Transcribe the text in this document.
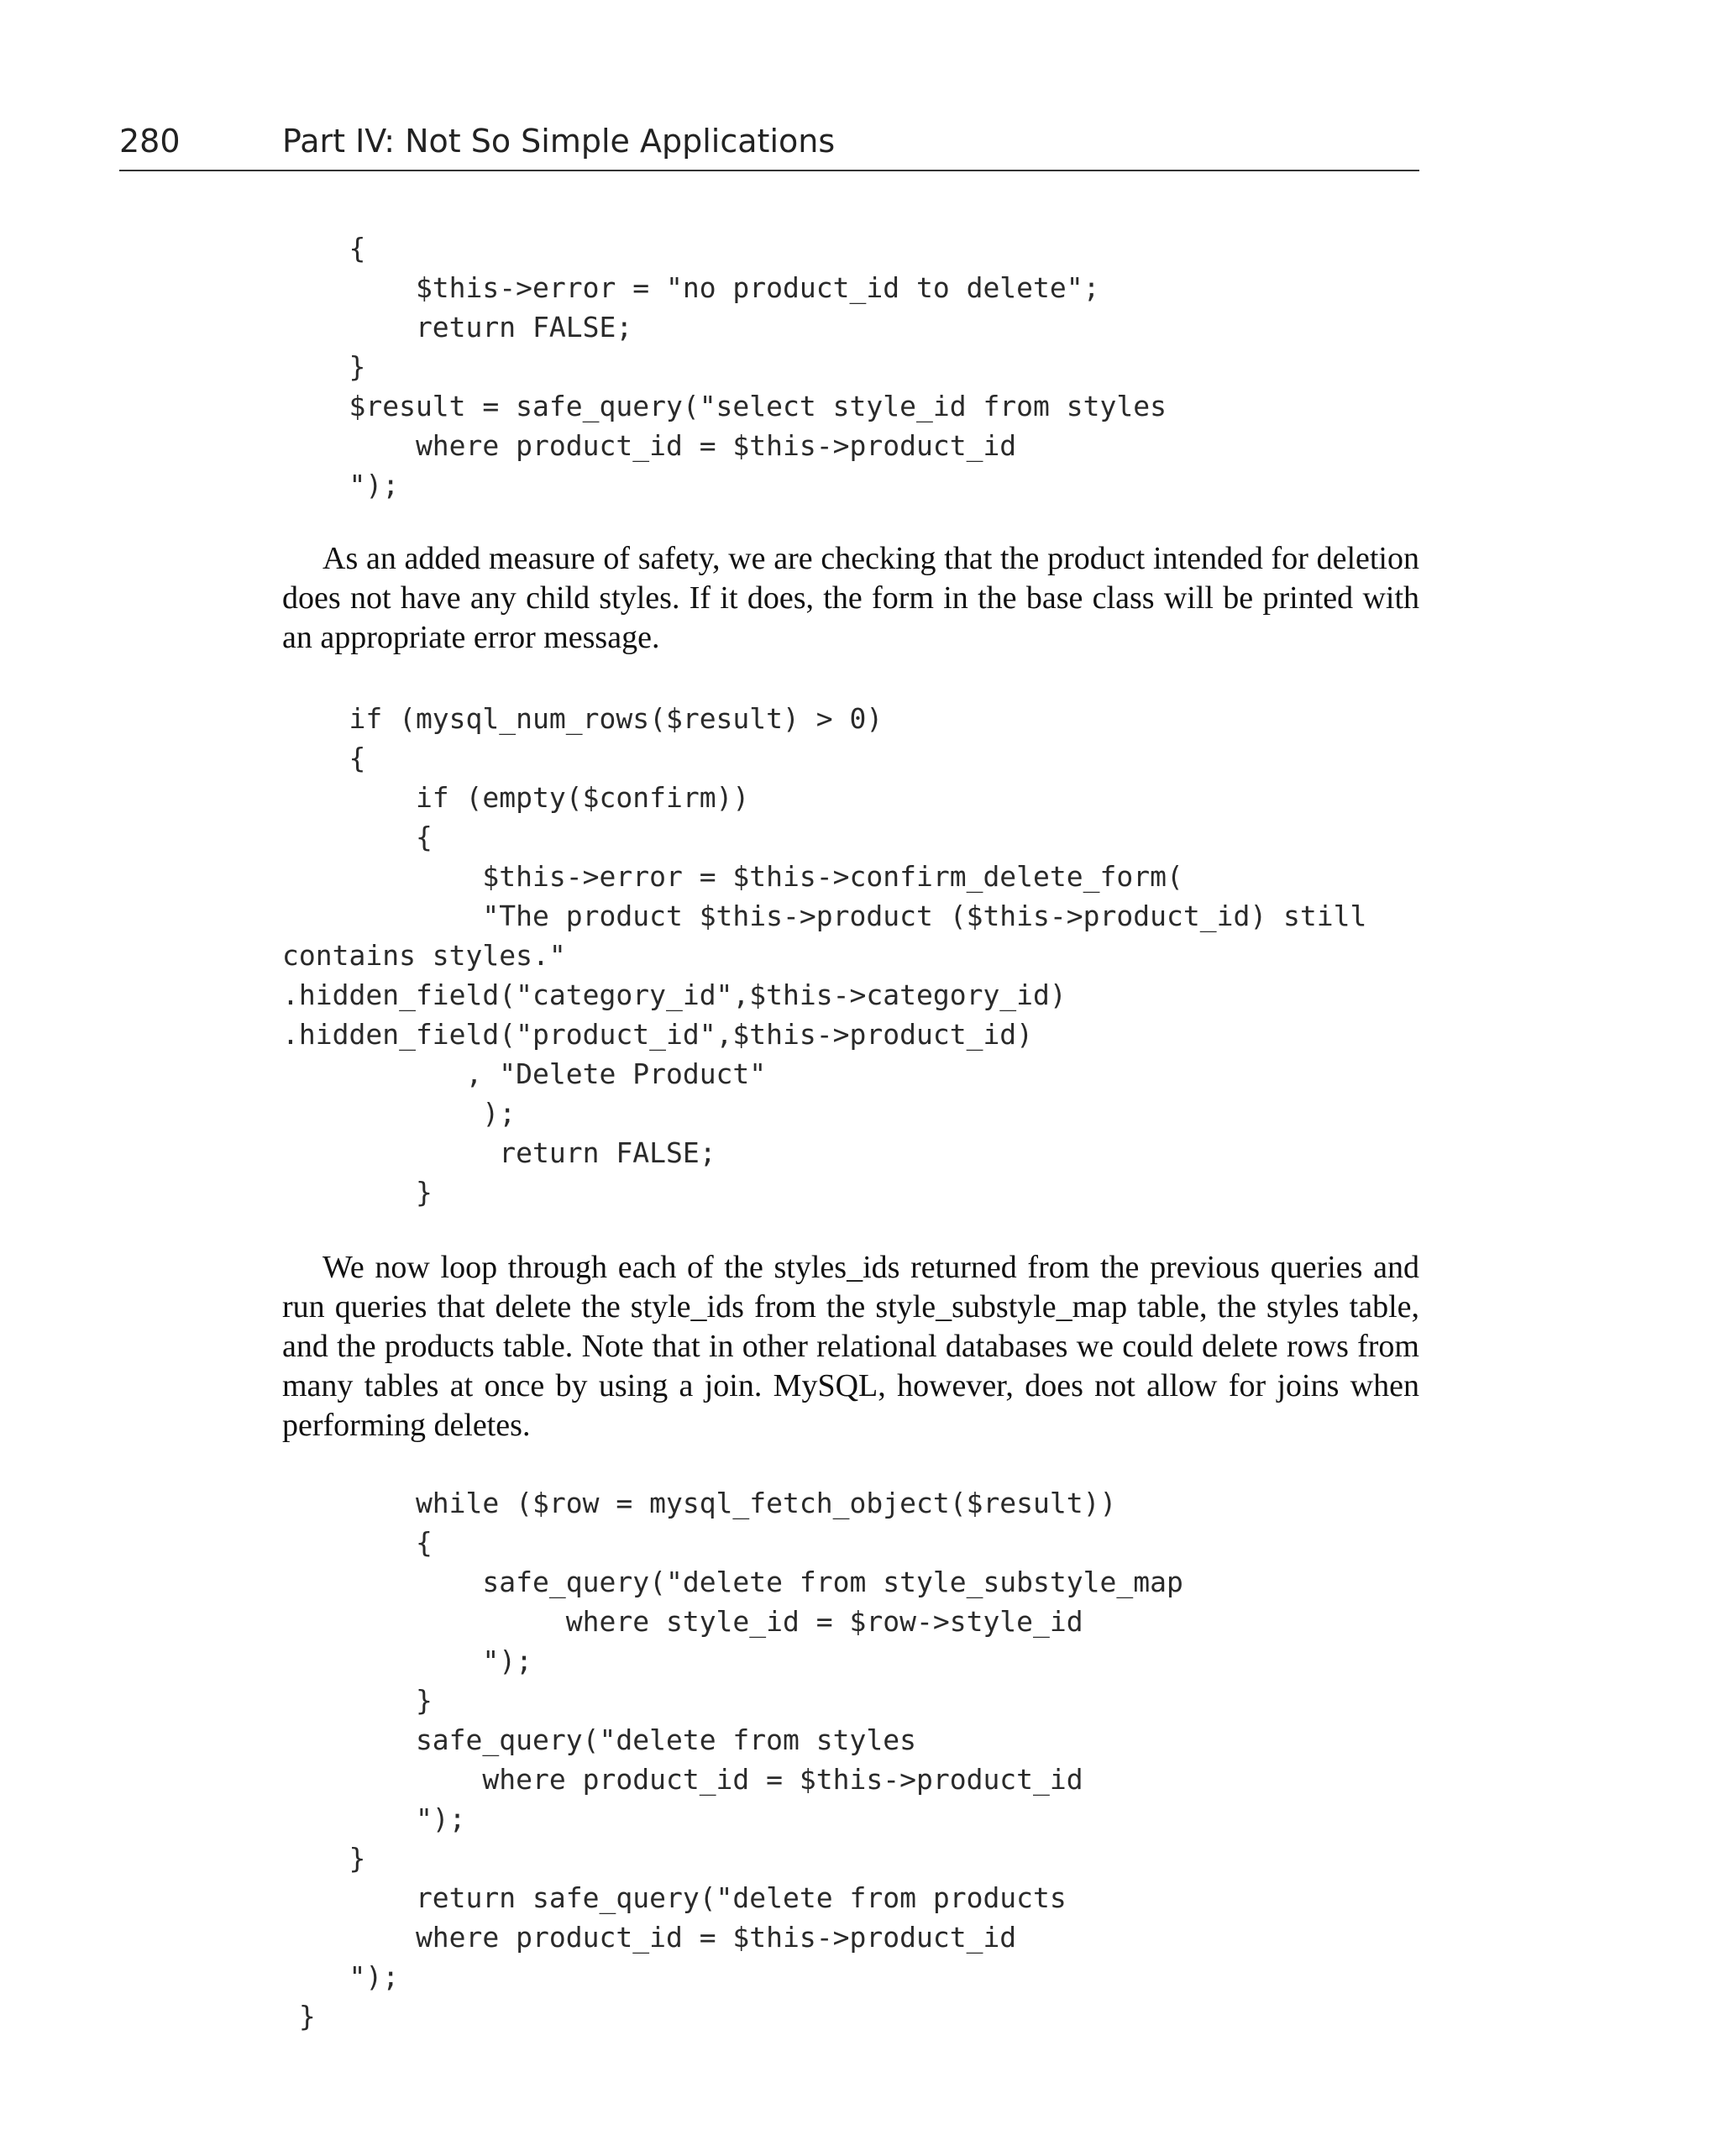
280	Part IV: Not So Simple Applications
{
$this->error = "no product_id to delete";
return FALSE;
}
$result = safe_query("select style_id from styles
where product_id = $this->product_id
");

As an added measure of safety, we are checking that the product intended for deletion does not have any child styles. If it does, the form in the base class will be printed with an appropriate error message.

if (mysql_num_rows($result) > 0)
{
if (empty($confirm))
{
$this->error = $this->confirm_delete_form(
"The product $this->product ($this->product_id) still
contains styles."
.hidden_field("category_id",$this->category_id)
.hidden_field("product_id",$this->product_id)
, "Delete Product"
);
return FALSE;
}

We now loop through each of the styles_ids returned from the previous queries and run queries that delete the style_ids from the style_substyle_map table, the styles table, and the products table. Note that in other relational databases we could delete rows from many tables at once by using a join. MySQL, however, does not allow for joins when performing deletes.

while ($row = mysql_fetch_object($result))
{
safe_query("delete from style_substyle_map
where style_id = $row->style_id
");
}
safe_query("delete from styles
where product_id = $this->product_id
");
}
return safe_query("delete from products
where product_id = $this->product_id
");
}
